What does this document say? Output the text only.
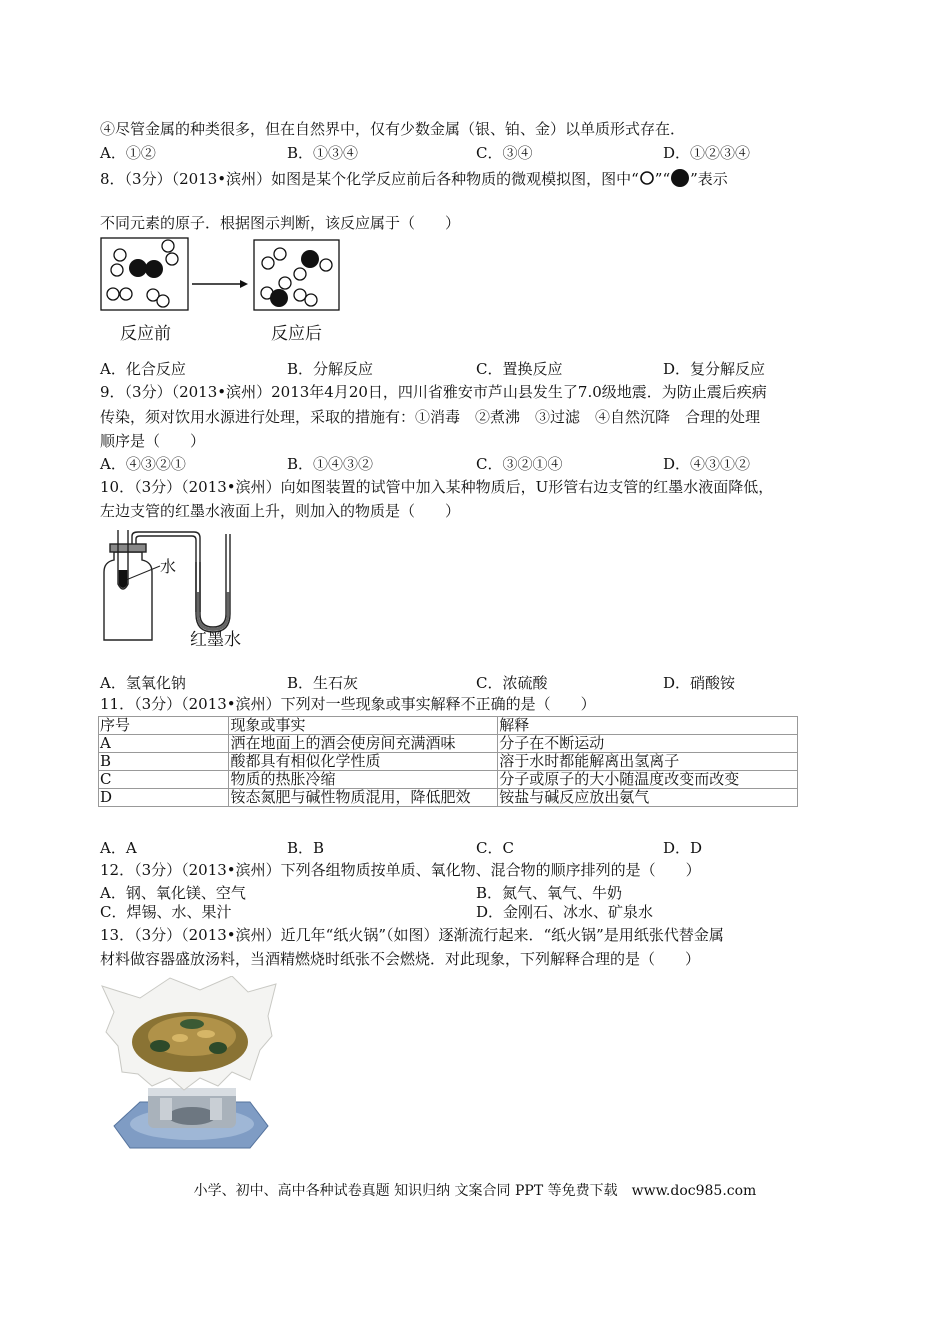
④尽管金属的种类很多，但在自然界中，仅有少数金属（银、铂、金）以单质形式存在．
A．①②	B．①③④	C．③④	D．①②③④
8．（3分）（2013•滨州）如图是某个化学反应前后各种物质的微观模拟图，图中“ ”“ ”表示
不同元素的原子．根据图示判断，该反应属于（　　）
反应前	反应后
A．化合反应	B．分解反应	C．置换反应	D．复分解反应
9．（3分）（2013•滨州）2013年4月20日，四川省雅安市芦山县发生了7.0级地震．为防止震后疾病
传染，须对饮用水源进行处理，采取的措施有：①消毒　②煮沸　③过滤　④自然沉降　合理的处理
顺序是（　　）
A．④③②①	B．①④③②	C．③②①④	D．④③①②
10．（3分）（2013•滨州）向如图装置的试管中加入某种物质后，U形管右边支管的红墨水液面降低，
左边支管的红墨水液面上升，则加入的物质是（　　）
水
红墨水
A．氢氧化钠	B．生石灰	C．浓硫酸	D．硝酸铵
11．（3分）（2013•滨州）下列对一些现象或事实解释不正确的是（　　）
序号	现象或事实	解释
A	洒在地面上的酒会使房间充满酒味	分子在不断运动
B	酸都具有相似化学性质	溶于水时都能解离出氢离子
C	物质的热胀冷缩	分子或原子的大小随温度改变而改变
D	铵态氮肥与碱性物质混用，降低肥效	铵盐与碱反应放出氨气
A．A	B．B	C．C	D．D
12．（3分）（2013•滨州）下列各组物质按单质、氧化物、混合物的顺序排列的是（　　）
A．钢、氧化镁、空气	B．氮气、氧气、牛奶
C．焊锡、水、果汁	D．金刚石、冰水、矿泉水
13．（3分）（2013•滨州）近几年“纸火锅”（如图）逐渐流行起来．“纸火锅”是用纸张代替金属
材料做容器盛放汤料，当酒精燃烧时纸张不会燃烧．对此现象，下列解释合理的是（　　）
小学、初中、高中各种试卷真题 知识归纳 文案合同 PPT 等免费下载　www.doc985.com
